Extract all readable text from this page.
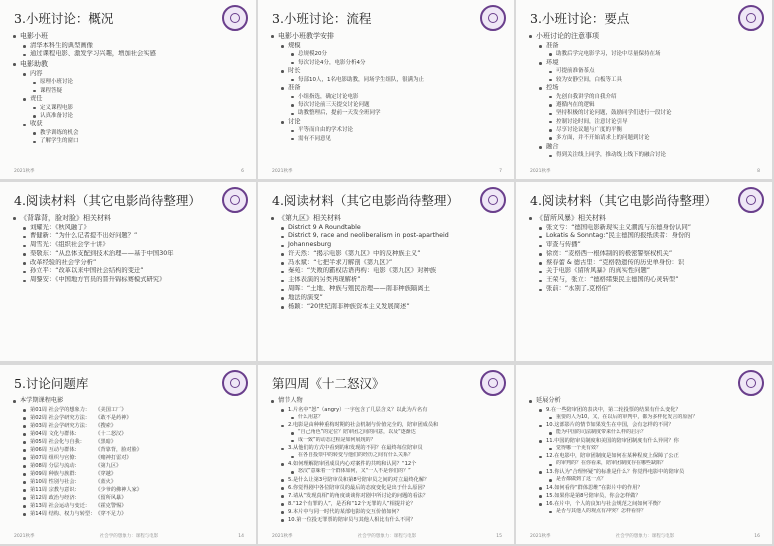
3.小班讨论：概况
电影小班
清华本科生的典型画像
通过课程电影、激发学习兴趣，增加社会实感
电影助教
内容
原理小班讨论
课程答疑
责任
定义课程电影
认真准备讨论
收获
教学训练的机会
了解学生的窗口
2021秋季	6
3.小班讨论：流程
电影小班教学安排
规模
总规模20分
每次讨论4分，电影分析4分
时长
每部10人，1名电影助教，同场学生组队，很满为止
准备
小组指选，确定讨论电影
每次讨论前三天提交讨论问题
助教整理后，提前一天发全班同学
讨论
平等而自由的学术讨论
需有不同意见
2021秋季	7
3.小班讨论：要点
小班讨论的注意事项
准备
助教后学完电影学习，讨论中尽量保持在场
环境
可提前准备茶点
较为安静空间，白板等工具
控场
先创自我讲学的自我介绍
遵循内在的逻辑
坚持积极的讨论问题，鼓励同学们进行一段讨论
控制讨论时间，注意讨论引导
尽享讨论议题与广度的平衡
多方面，并不开始请求上的问题到讨论
融合
得到关注线上同学，推动线上线下的融合讨论
2021秋季	8
4.阅读材料（其它电影尚待整理）
《背靠背，脸对脸》相关材料
刘耀光：《秋风融了》
曹健新：“为什么记者提不出好问题？”
周雪光：《组织社会学十讲》
渠敬东：“从总体支配到技术治理——基于中国30年
改革经验的社会学分析”
孙立平：“改革以来中国社会结构的变迁”
周黎安：《中国地方官员的晋升锦标赛模式研究》
4.阅读材料（其它电影尚待整理）
《第九区》相关材料
District 9 A Roundtable
District 9, race and neoliberalism in post-apartheid
Johannesburg
许天然：“揭示电影《第九区》中的反种族主义”
冯永斌：“七把半求刀解剖《第九区》”
秦苑：“失败的霸权话语再构：电影《第九区》对种族
主体表演的另类再现解析”
周晖：“土地、种族与殖民治理——南非种族隔离土
地法的演变”
杨颖：“20世纪南非种族资本主义发展简述”
4.阅读材料（其它电影尚待整理）
《留所风暴》相关材料
张文亏：“德国电影新现实主义潮流与东德身份认同”
Lokatis & Sonntag:“民主德国的报纸读者：身份的
审查与传播”
徐贲：“麦格西一根体制的的极密警察权机关”
蔡春蕾 & 德古里：“克格勃遗传的历史单身份：识
关于电影《留所风暴》的真实性问题”
王荣与，张立：“德格绪集民主德国的心灵转型”
张前：“永别了,克格伯”
5.讨论问题库
本学期课程电影
第01周 社会学的想象力：　　《美国工厂》
第02周 社会学研究方法：　　《敢不是药神》
第03周 社会学研究方法：　　《搜索》
第04周 文化与群体：　　　　《十二怒汉》
第05周 社会化与自我：　　　《黑暗》
第06周 互动与群体：　　　　《背靠背，脸对脸》
第07周 组织与官僚：　　　　《赌神打雷对》
第08周 分层与流动：　　　　《第九区》
第09周 种族与族群：　　　　《穿越》
第10周 性别与社会：　　　　《蓝火》
第11周 宗教与意识：　　　　《少爷的佛神人家》
第12周 政治与经济：　　　　《留所风暴》
第13周 社会运动与变迁：　　《霍克警惕》
第14周 结构、权力与转型：　《穿不足力》
2021秋季	社会学的想象力：课程与电影	14
第四周《十二怒汉》
情节人物
1.片名中“怒”（angry）一字包含了几层含义？以此为片名有
什么用意？
2.电影是由种种重构时期的社会机制与价值完全的，陪审团成员和
“自己角色”的定位？陪审团之间的同意，以及“逐渐达
成一致”的动态过程是如何展现的？
3.从他们的方式中看到的和发现的不同？在最终每位陪审员
在各自投票中的转变与他们的经历之间有什么关系？
4.如何理解陪审团成员内心对案件的共鸣和认同？“12个
怒汉”意味着一个群体如何，又“一人不是你们的？”
5.是什么让第3号陪审员和第8号陪审员之间的对立最终化解？
6.你觉得剧中各位陪审员的最后的态度变化是出于什么原因？
7.请从“发现真相”的角度谈谈你对剧中所讨论的问题的看法？
8.“12个有罪的人”，是否和“12个无罪的人”相提并论？
9.本片中与同一时代的某部电影的交互价值如何？
10.第一位投无罪票的陪审员与其他人相比有什么不同？
2021秋季	社会学的想象力：课程与电影	15
延展分析
9.在一些陪审团的表决中，第二轮投票的结果有什么变化？
重要的人为10，又，在以后的审判中，都为多样化发言的原因？
10.这部影片的情节如果发生在中国，会有怎样的不同？
能为中国的司法制度带来什么样的启示？
11.中国的陪审员制度和美国的陪审团制度有什么异同？你
觉得哪一个更有效？
12.在电影中，陪审团制度是如何在某种程度上保障了公正
的审判的？在你看来，陪审团制度存在哪些缺陷？
13.你认为“合理怀疑”的标准是什么？你觉得电影中的陪审员
是否都做到了这一点？
14.如何看待“群体思维”在影片中的作用？
15.如果你是第8号陪审员，你会怎样做？
16.在片中，个人的良知与社会规范之间如何平衡？
是否与其他人的观点有冲突？怎样看待？
2021秋季	社会学的想象力：课程与电影	16
